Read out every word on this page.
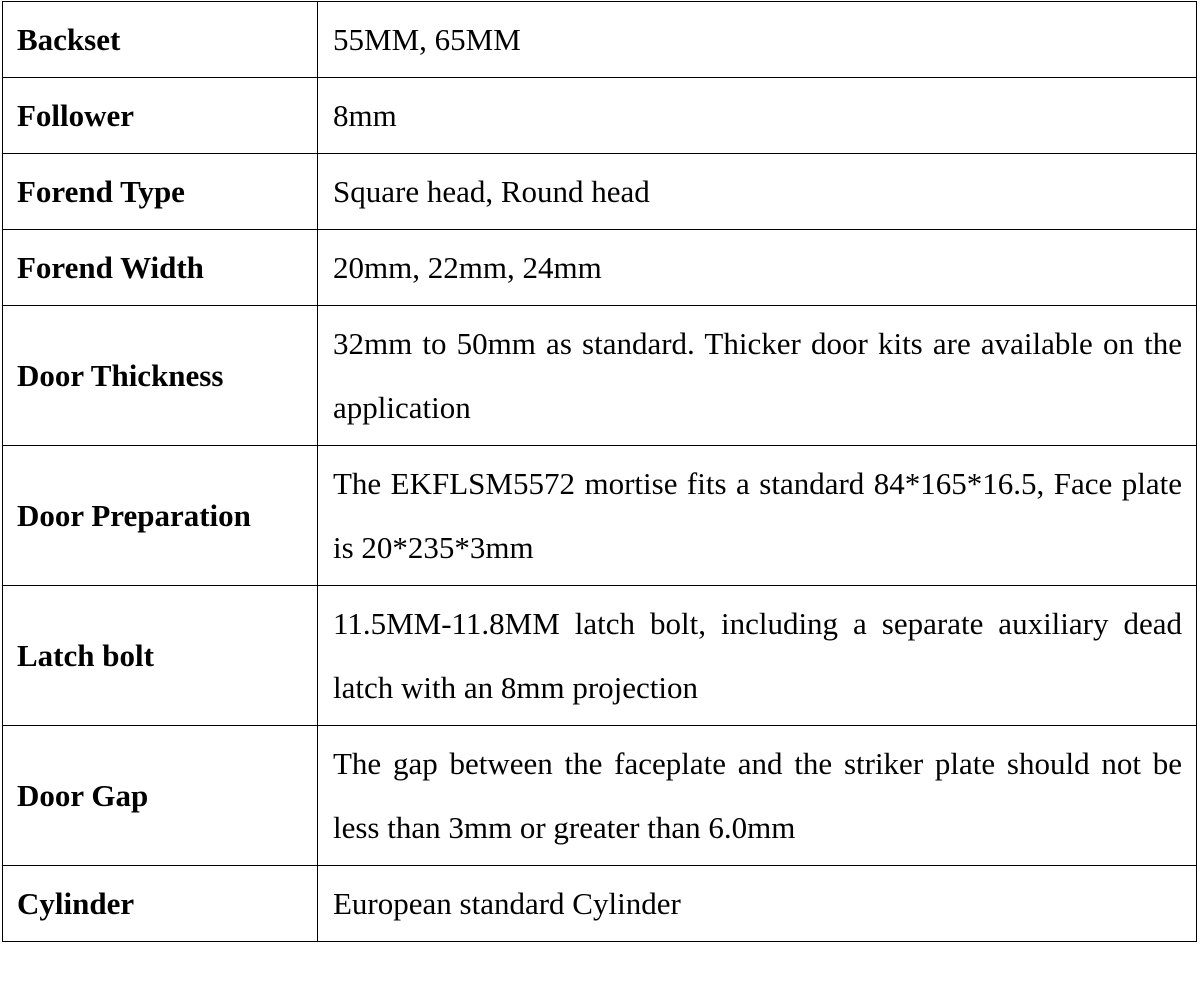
Backset	55MM, 65MM
Follower	8mm
Forend Type	Square head, Round head
Forend Width	20mm, 22mm, 24mm
Door Thickness	32mm to 50mm as standard. Thicker door kits are available on the application
Door Preparation	The EKFLSM5572 mortise fits a standard 84*165*16.5, Face plate is 20*235*3mm
Latch bolt	11.5MM-11.8MM latch bolt, including a separate auxiliary dead latch with an 8mm projection
Door Gap	The gap between the faceplate and the striker plate should not be less than 3mm or greater than 6.0mm
Cylinder	European standard Cylinder
